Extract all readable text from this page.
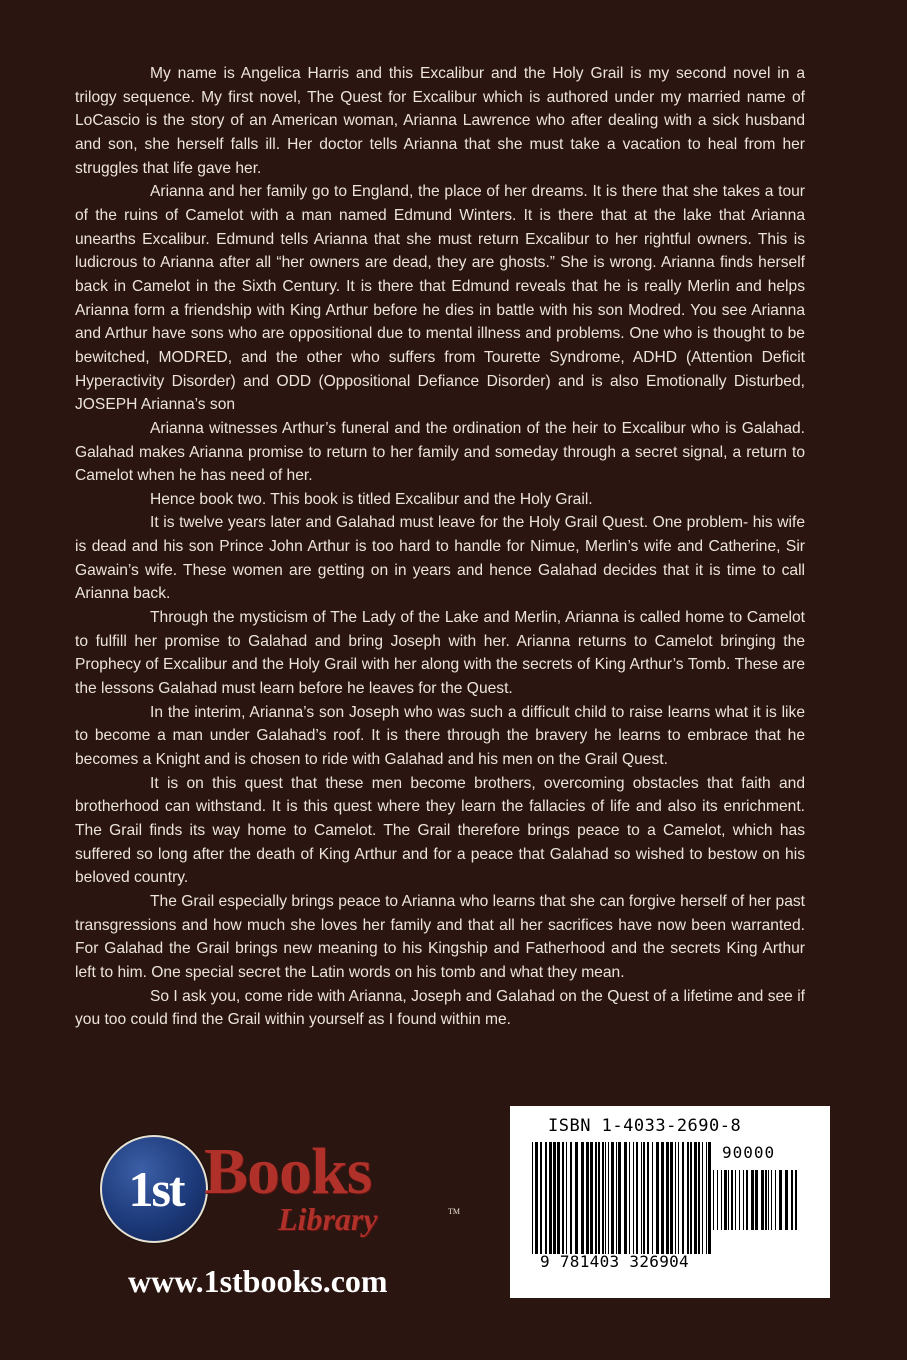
My name is Angelica Harris and this Excalibur and the Holy Grail is my second novel in a trilogy sequence. My first novel, The Quest for Excalibur which is authored under my married name of LoCascio is the story of an American woman, Arianna Lawrence who after dealing with a sick husband and son, she herself falls ill. Her doctor tells Arianna that she must take a vacation to heal from her struggles that life gave her.

Arianna and her family go to England, the place of her dreams. It is there that she takes a tour of the ruins of Camelot with a man named Edmund Winters. It is there that at the lake that Arianna unearths Excalibur. Edmund tells Arianna that she must return Excalibur to her rightful owners. This is ludicrous to Arianna after all “her owners are dead, they are ghosts.” She is wrong. Arianna finds herself back in Camelot in the Sixth Century. It is there that Edmund reveals that he is really Merlin and helps Arianna form a friendship with King Arthur before he dies in battle with his son Modred. You see Arianna and Arthur have sons who are oppositional due to mental illness and problems. One who is thought to be bewitched, MODRED, and the other who suffers from Tourette Syndrome, ADHD (Attention Deficit Hyperactivity Disorder) and ODD (Oppositional Defiance Disorder) and is also Emotionally Disturbed, JOSEPH Arianna’s son

Arianna witnesses Arthur’s funeral and the ordination of the heir to Excalibur who is Galahad. Galahad makes Arianna promise to return to her family and someday through a secret signal, a return to Camelot when he has need of her.

Hence book two. This book is titled Excalibur and the Holy Grail.

It is twelve years later and Galahad must leave for the Holy Grail Quest. One problem- his wife is dead and his son Prince John Arthur is too hard to handle for Nimue, Merlin’s wife and Catherine, Sir Gawain’s wife. These women are getting on in years and hence Galahad decides that it is time to call Arianna back.

Through the mysticism of The Lady of the Lake and Merlin, Arianna is called home to Camelot to fulfill her promise to Galahad and bring Joseph with her. Arianna returns to Camelot bringing the Prophecy of Excalibur and the Holy Grail with her along with the secrets of King Arthur’s Tomb. These are the lessons Galahad must learn before he leaves for the Quest.

In the interim, Arianna’s son Joseph who was such a difficult child to raise learns what it is like to become a man under Galahad’s roof. It is there through the bravery he learns to embrace that he becomes a Knight and is chosen to ride with Galahad and his men on the Grail Quest.

It is on this quest that these men become brothers, overcoming obstacles that faith and brotherhood can withstand. It is this quest where they learn the fallacies of life and also its enrichment. The Grail finds its way home to Camelot. The Grail therefore brings peace to a Camelot, which has suffered so long after the death of King Arthur and for a peace that Galahad so wished to bestow on his beloved country.

The Grail especially brings peace to Arianna who learns that she can forgive herself of her past transgressions and how much she loves her family and that all her sacrifices have now been warranted. For Galahad the Grail brings new meaning to his Kingship and Fatherhood and the secrets King Arthur left to him. One special secret the Latin words on his tomb and what they mean.

So I ask you, come ride with Arianna, Joseph and Galahad on the Quest of a lifetime and see if you too could find the Grail within yourself as I found within me.

1st Books
Library	TM
www.1stbooks.com
ISBN 1-4033-2690-8
90000
9 781403 326904
